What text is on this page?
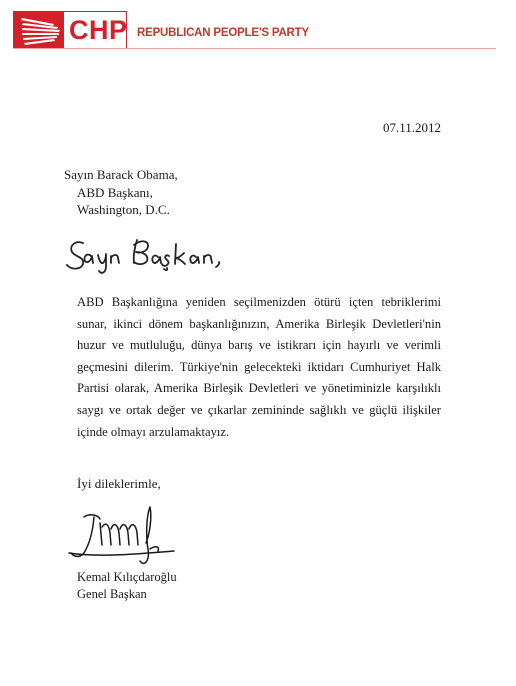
CHP REPUBLICAN PEOPLE'S PARTY
07.11.2012
Sayın Barack Obama,
ABD Başkanı,
Washington, D.C.
ABD Başkanlığına yeniden seçilmenizden ötürü içten tebriklerimi sunar, ikinci dönem başkanlığınızın, Amerika Birleşik Devletleri'nin huzur ve mutluluğu, dünya barış ve istikrarı için hayırlı ve verimli geçmesini dilerim. Türkiye'nin gelecekteki iktidarı Cumhuriyet Halk Partisi olarak, Amerika Birleşik Devletleri ve yönetiminizle karşılıklı saygı ve ortak değer ve çıkarlar zemininde sağlıklı ve güçlü ilişkiler içinde olmayı arzulamaktayız.
İyi dileklerimle,
Kemal Kılıçdaroğlu
Genel Başkan
